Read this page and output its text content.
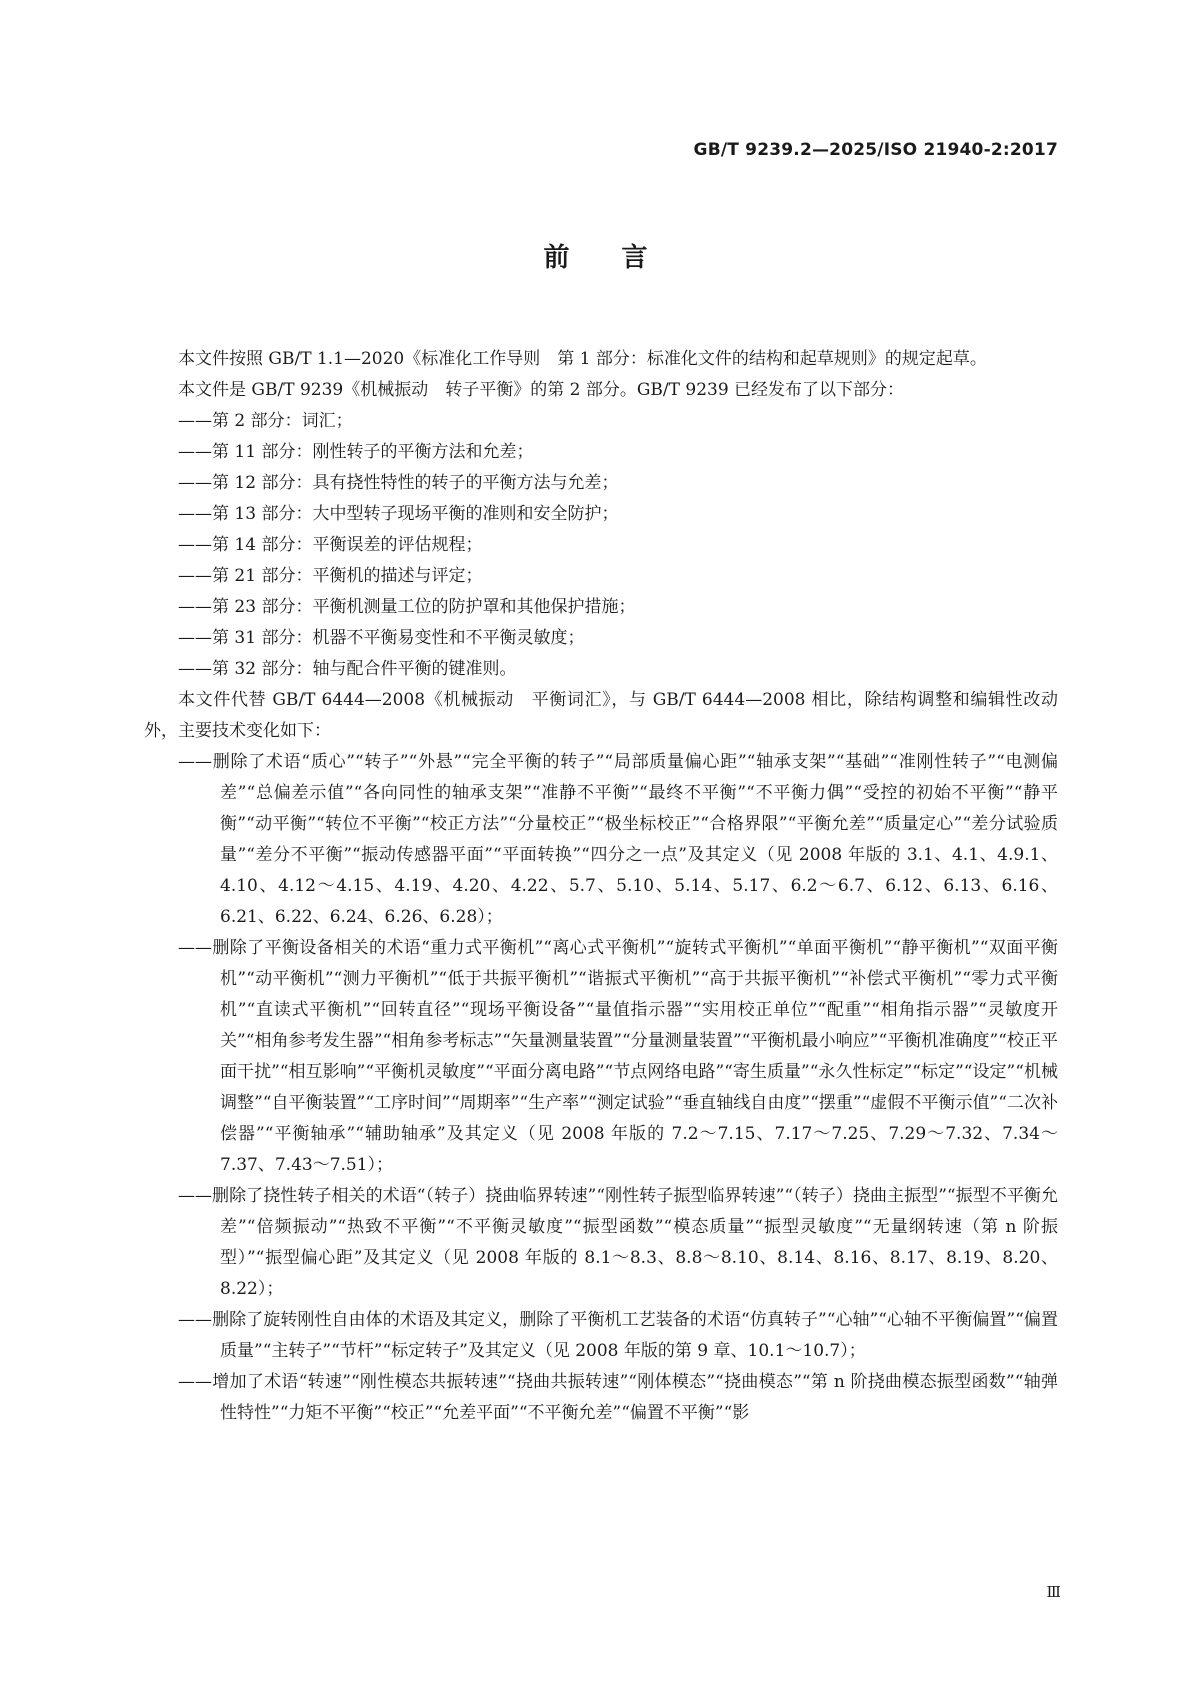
GB/T 9239.2—2025/ISO 21940-2:2017
前言

本文件按照 GB/T 1.1—2020《标准化工作导则　第 1 部分：标准化文件的结构和起草规则》的规定起草。

本文件是 GB/T 9239《机械振动　转子平衡》的第 2 部分。GB/T 9239 已经发布了以下部分：

——第 2 部分：词汇；
——第 11 部分：刚性转子的平衡方法和允差；
——第 12 部分：具有挠性特性的转子的平衡方法与允差；
——第 13 部分：大中型转子现场平衡的准则和安全防护；
——第 14 部分：平衡误差的评估规程；
——第 21 部分：平衡机的描述与评定；
——第 23 部分：平衡机测量工位的防护罩和其他保护措施；
——第 31 部分：机器不平衡易变性和不平衡灵敏度；
——第 32 部分：轴与配合件平衡的键准则。

本文件代替 GB/T 6444—2008《机械振动　平衡词汇》，与 GB/T 6444—2008 相比，除结构调整和编辑性改动外，主要技术变化如下：

——删除了术语“质心”“转子”“外悬”“完全平衡的转子”“局部质量偏心距”“轴承支架”“基础”“准刚性转子”“电测偏差”“总偏差示值”“各向同性的轴承支架”“准静不平衡”“最终不平衡”“不平衡力偶”“受控的初始不平衡”“静平衡”“动平衡”“转位不平衡”“校正方法”“分量校正”“极坐标校正”“合格界限”“平衡允差”“质量定心”“差分试验质量”“差分不平衡”“振动传感器平面”“平面转换”“四分之一点”及其定义（见 2008 年版的 3.1、4.1、4.9.1、4.10、4.12～4.15、4.19、4.20、4.22、5.7、5.10、5.14、5.17、6.2～6.7、6.12、6.13、6.16、6.21、6.22、6.24、6.26、6.28）；
——删除了平衡设备相关的术语“重力式平衡机”“离心式平衡机”“旋转式平衡机”“单面平衡机”“静平衡机”“双面平衡机”“动平衡机”“测力平衡机”“低于共振平衡机”“谐振式平衡机”“高于共振平衡机”“补偿式平衡机”“零力式平衡机”“直读式平衡机”“回转直径”“现场平衡设备”“量值指示器”“实用校正单位”“配重”“相角指示器”“灵敏度开关”“相角参考发生器”“相角参考标志”“矢量测量装置”“分量测量装置”“平衡机最小响应”“平衡机准确度”“校正平面干扰”“相互影响”“平衡机灵敏度”“平面分离电路”“节点网络电路”“寄生质量”“永久性标定”“标定”“设定”“机械调整”“自平衡装置”“工序时间”“周期率”“生产率”“测定试验”“垂直轴线自由度”“摆重”“虚假不平衡示值”“二次补偿器”“平衡轴承”“辅助轴承”及其定义（见 2008 年版的 7.2～7.15、7.17～7.25、7.29～7.32、7.34～7.37、7.43～7.51）；
——删除了挠性转子相关的术语“（转子）挠曲临界转速”“刚性转子振型临界转速”“（转子）挠曲主振型”“振型不平衡允差”“倍频振动”“热致不平衡”“不平衡灵敏度”“振型函数”“模态质量”“振型灵敏度”“无量纲转速（第 n 阶振型）”“振型偏心距”及其定义（见 2008 年版的 8.1～8.3、8.8～8.10、8.14、8.16、8.17、8.19、8.20、8.22）；
——删除了旋转刚性自由体的术语及其定义，删除了平衡机工艺装备的术语“仿真转子”“心轴”“心轴不平衡偏置”“偏置质量”“主转子”“节杆”“标定转子”及其定义（见 2008 年版的第 9 章、10.1～10.7）；
——增加了术语“转速”“刚性模态共振转速”“挠曲共振转速”“刚体模态”“挠曲模态”“第 n 阶挠曲模态振型函数”“轴弹性特性”“力矩不平衡”“校正”“允差平面”“不平衡允差”“偏置不平衡”“影
Ⅲ
